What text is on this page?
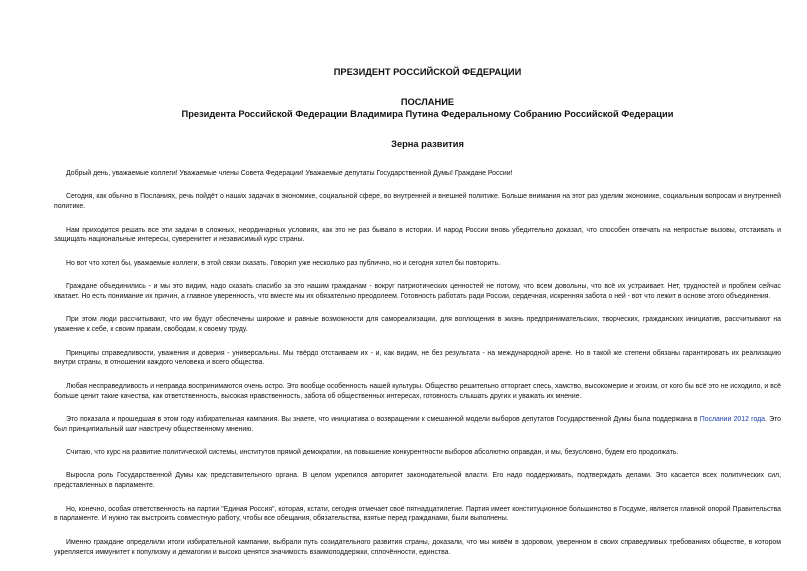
ПРЕЗИДЕНТ РОССИЙСКОЙ ФЕДЕРАЦИИ
ПОСЛАНИЕ
Президента Российской Федерации Владимира Путина Федеральному Собранию Российской Федерации
Зерна развития

Добрый день, уважаемые коллеги! Уважаемые члены Совета Федерации! Уважаемые депутаты Государственной Думы! Граждане России!

Сегодня, как обычно в Посланиях, речь пойдёт о наших задачах в экономике, социальной сфере, во внутренней и внешней политике. Больше внимания на этот раз уделим экономике, социальным вопросам и внутренней политике.

Нам приходится решать все эти задачи в сложных, неординарных условиях, как это не раз бывало в истории. И народ России вновь убедительно доказал, что способен отвечать на непростые вызовы, отстаивать и защищать национальные интересы, суверенитет и независимый курс страны.

Но вот что хотел бы, уважаемые коллеги, в этой связи сказать. Говорил уже несколько раз публично, но и сегодня хотел бы повторить.

Граждане объединились - и мы это видим, надо сказать спасибо за это нашим гражданам - вокруг патриотических ценностей не потому, что всем довольны, что всё их устраивает. Нет, трудностей и проблем сейчас хватает. Но есть понимание их причин, а главное уверенность, что вместе мы их обязательно преодолеем. Готовность работать ради России, сердечная, искренняя забота о ней - вот что лежит в основе этого объединения.

При этом люди рассчитывают, что им будут обеспечены широкие и равные возможности для самореализации, для воплощения в жизнь предпринимательских, творческих, гражданских инициатив, рассчитывают на уважение к себе, к своим правам, свободам, к своему труду.

Принципы справедливости, уважения и доверия - универсальны. Мы твёрдо отстаиваем их - и, как видим, не без результата - на международной арене. Но в такой же степени обязаны гарантировать их реализацию внутри страны, в отношении каждого человека и всего общества.

Любая несправедливость и неправда воспринимаются очень остро. Это вообще особенность нашей культуры. Общество решительно отторгает спесь, хамство, высокомерие и эгоизм, от кого бы всё это не исходило, и всё больше ценит такие качества, как ответственность, высокая нравственность, забота об общественных интересах, готовность слышать других и уважать их мнение.

Это показала и прошедшая в этом году избирательная кампания. Вы знаете, что инициатива о возвращении к смешанной модели выборов депутатов Государственной Думы была поддержана в Послании 2012 года. Это был принципиальный шаг навстречу общественному мнению.

Считаю, что курс на развитие политической системы, институтов прямой демократии, на повышение конкурентности выборов абсолютно оправдан, и мы, безусловно, будем его продолжать.

Выросла роль Государственной Думы как представительного органа. В целом укрепился авторитет законодательной власти. Его надо поддерживать, подтверждать делами. Это касается всех политических сил, представленных в парламенте.

Но, конечно, особая ответственность на партии "Единая Россия", которая, кстати, сегодня отмечает своё пятнадцатилетие. Партия имеет конституционное большинство в Госдуме, является главной опорой Правительства в парламенте. И нужно так выстроить совместную работу, чтобы все обещания, обязательства, взятые перед гражданами, были выполнены.

Именно граждане определили итоги избирательной кампании, выбрали путь созидательного развития страны, доказали, что мы живём в здоровом, уверенном в своих справедливых требованиях обществе, в котором укрепляется иммунитет к популизму и демагогии и высоко ценятся значимость взаимоподдержки, сплочённости, единства.
